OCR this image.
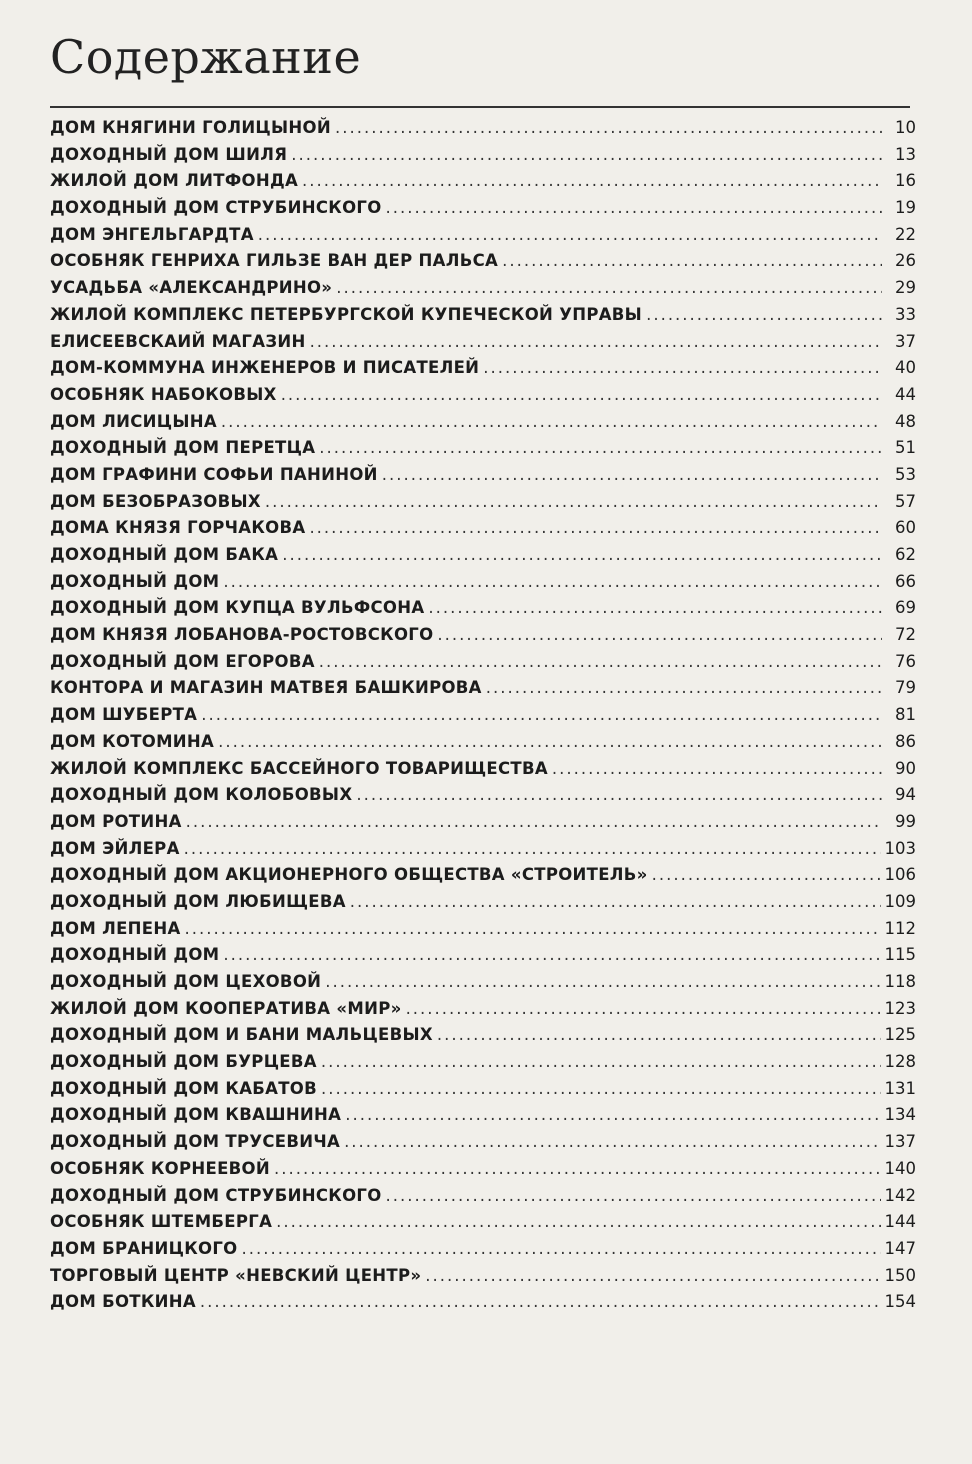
Содержание
ДОМ КНЯГИНИ ГОЛИЦЫНОЙ .....	10
ДОХОДНЫЙ ДОМ ШИЛЯ .....	13
ЖИЛОЙ ДОМ ЛИТФОНДА .....	16
ДОХОДНЫЙ ДОМ СТРУБИНСКОГО .....	19
ДОМ ЭНГЕЛЬГАРДТА .....	22
ОСОБНЯК ГЕНРИХА ГИЛЬЗЕ ВАН ДЕР ПАЛЬСА .....	26
УСАДЬБА «АЛЕКСАНДРИНО» .....	29
ЖИЛОЙ КОМПЛЕКС ПЕТЕРБУРГСКОЙ КУПЕЧЕСКОЙ УПРАВЫ .....	33
ЕЛИСЕЕВСКАИЙ МАГАЗИН .....	37
ДОМ-КОММУНА ИНЖЕНЕРОВ И ПИСАТЕЛЕЙ .....	40
ОСОБНЯК НАБОКОВЫХ .....	44
ДОМ ЛИСИЦЫНА .....	48
ДОХОДНЫЙ ДОМ ПЕРЕТЦА .....	51
ДОМ ГРАФИНИ СОФЬИ ПАНИНОЙ .....	53
ДОМ БЕЗОБРАЗОВЫХ .....	57
ДОМА КНЯЗЯ ГОРЧАКОВА .....	60
ДОХОДНЫЙ ДОМ БАКА .....	62
ДОХОДНЫЙ ДОМ .....	66
ДОХОДНЫЙ ДОМ КУПЦА ВУЛЬФСОНА .....	69
ДОМ КНЯЗЯ ЛОБАНОВА-РОСТОВСКОГО .....	72
ДОХОДНЫЙ ДОМ ЕГОРОВА .....	76
КОНТОРА И МАГАЗИН МАТВЕЯ БАШКИРОВА .....	79
ДОМ ШУБЕРТА .....	81
ДОМ КОТОМИНА .....	86
ЖИЛОЙ КОМПЛЕКС БАССЕЙНОГО ТОВАРИЩЕСТВА .....	90
ДОХОДНЫЙ ДОМ КОЛОБОВЫХ .....	94
ДОМ РОТИНА .....	99
ДОМ ЭЙЛЕРА .....	103
ДОХОДНЫЙ ДОМ АКЦИОНЕРНОГО ОБЩЕСТВА «СТРОИТЕЛЬ» .....	106
ДОХОДНЫЙ ДОМ ЛЮБИЩЕВА .....	109
ДОМ ЛЕПЕНА .....	112
ДОХОДНЫЙ ДОМ .....	115
ДОХОДНЫЙ ДОМ ЦЕХОВОЙ .....	118
ЖИЛОЙ ДОМ КООПЕРАТИВА «МИР» .....	123
ДОХОДНЫЙ ДОМ И БАНИ МАЛЬЦЕВЫХ .....	125
ДОХОДНЫЙ ДОМ БУРЦЕВА .....	128
ДОХОДНЫЙ ДОМ КАБАТОВ .....	131
ДОХОДНЫЙ ДОМ КВАШНИНА .....	134
ДОХОДНЫЙ ДОМ ТРУСЕВИЧА .....	137
ОСОБНЯК КОРНЕЕВОЙ .....	140
ДОХОДНЫЙ ДОМ СТРУБИНСКОГО .....	142
ОСОБНЯК ШТЕМБЕРГА .....	144
ДОМ БРАНИЦКОГО .....	147
ТОРГОВЫЙ ЦЕНТР «НЕВСКИЙ ЦЕНТР» .....	150
ДОМ БОТКИНА .....	154
